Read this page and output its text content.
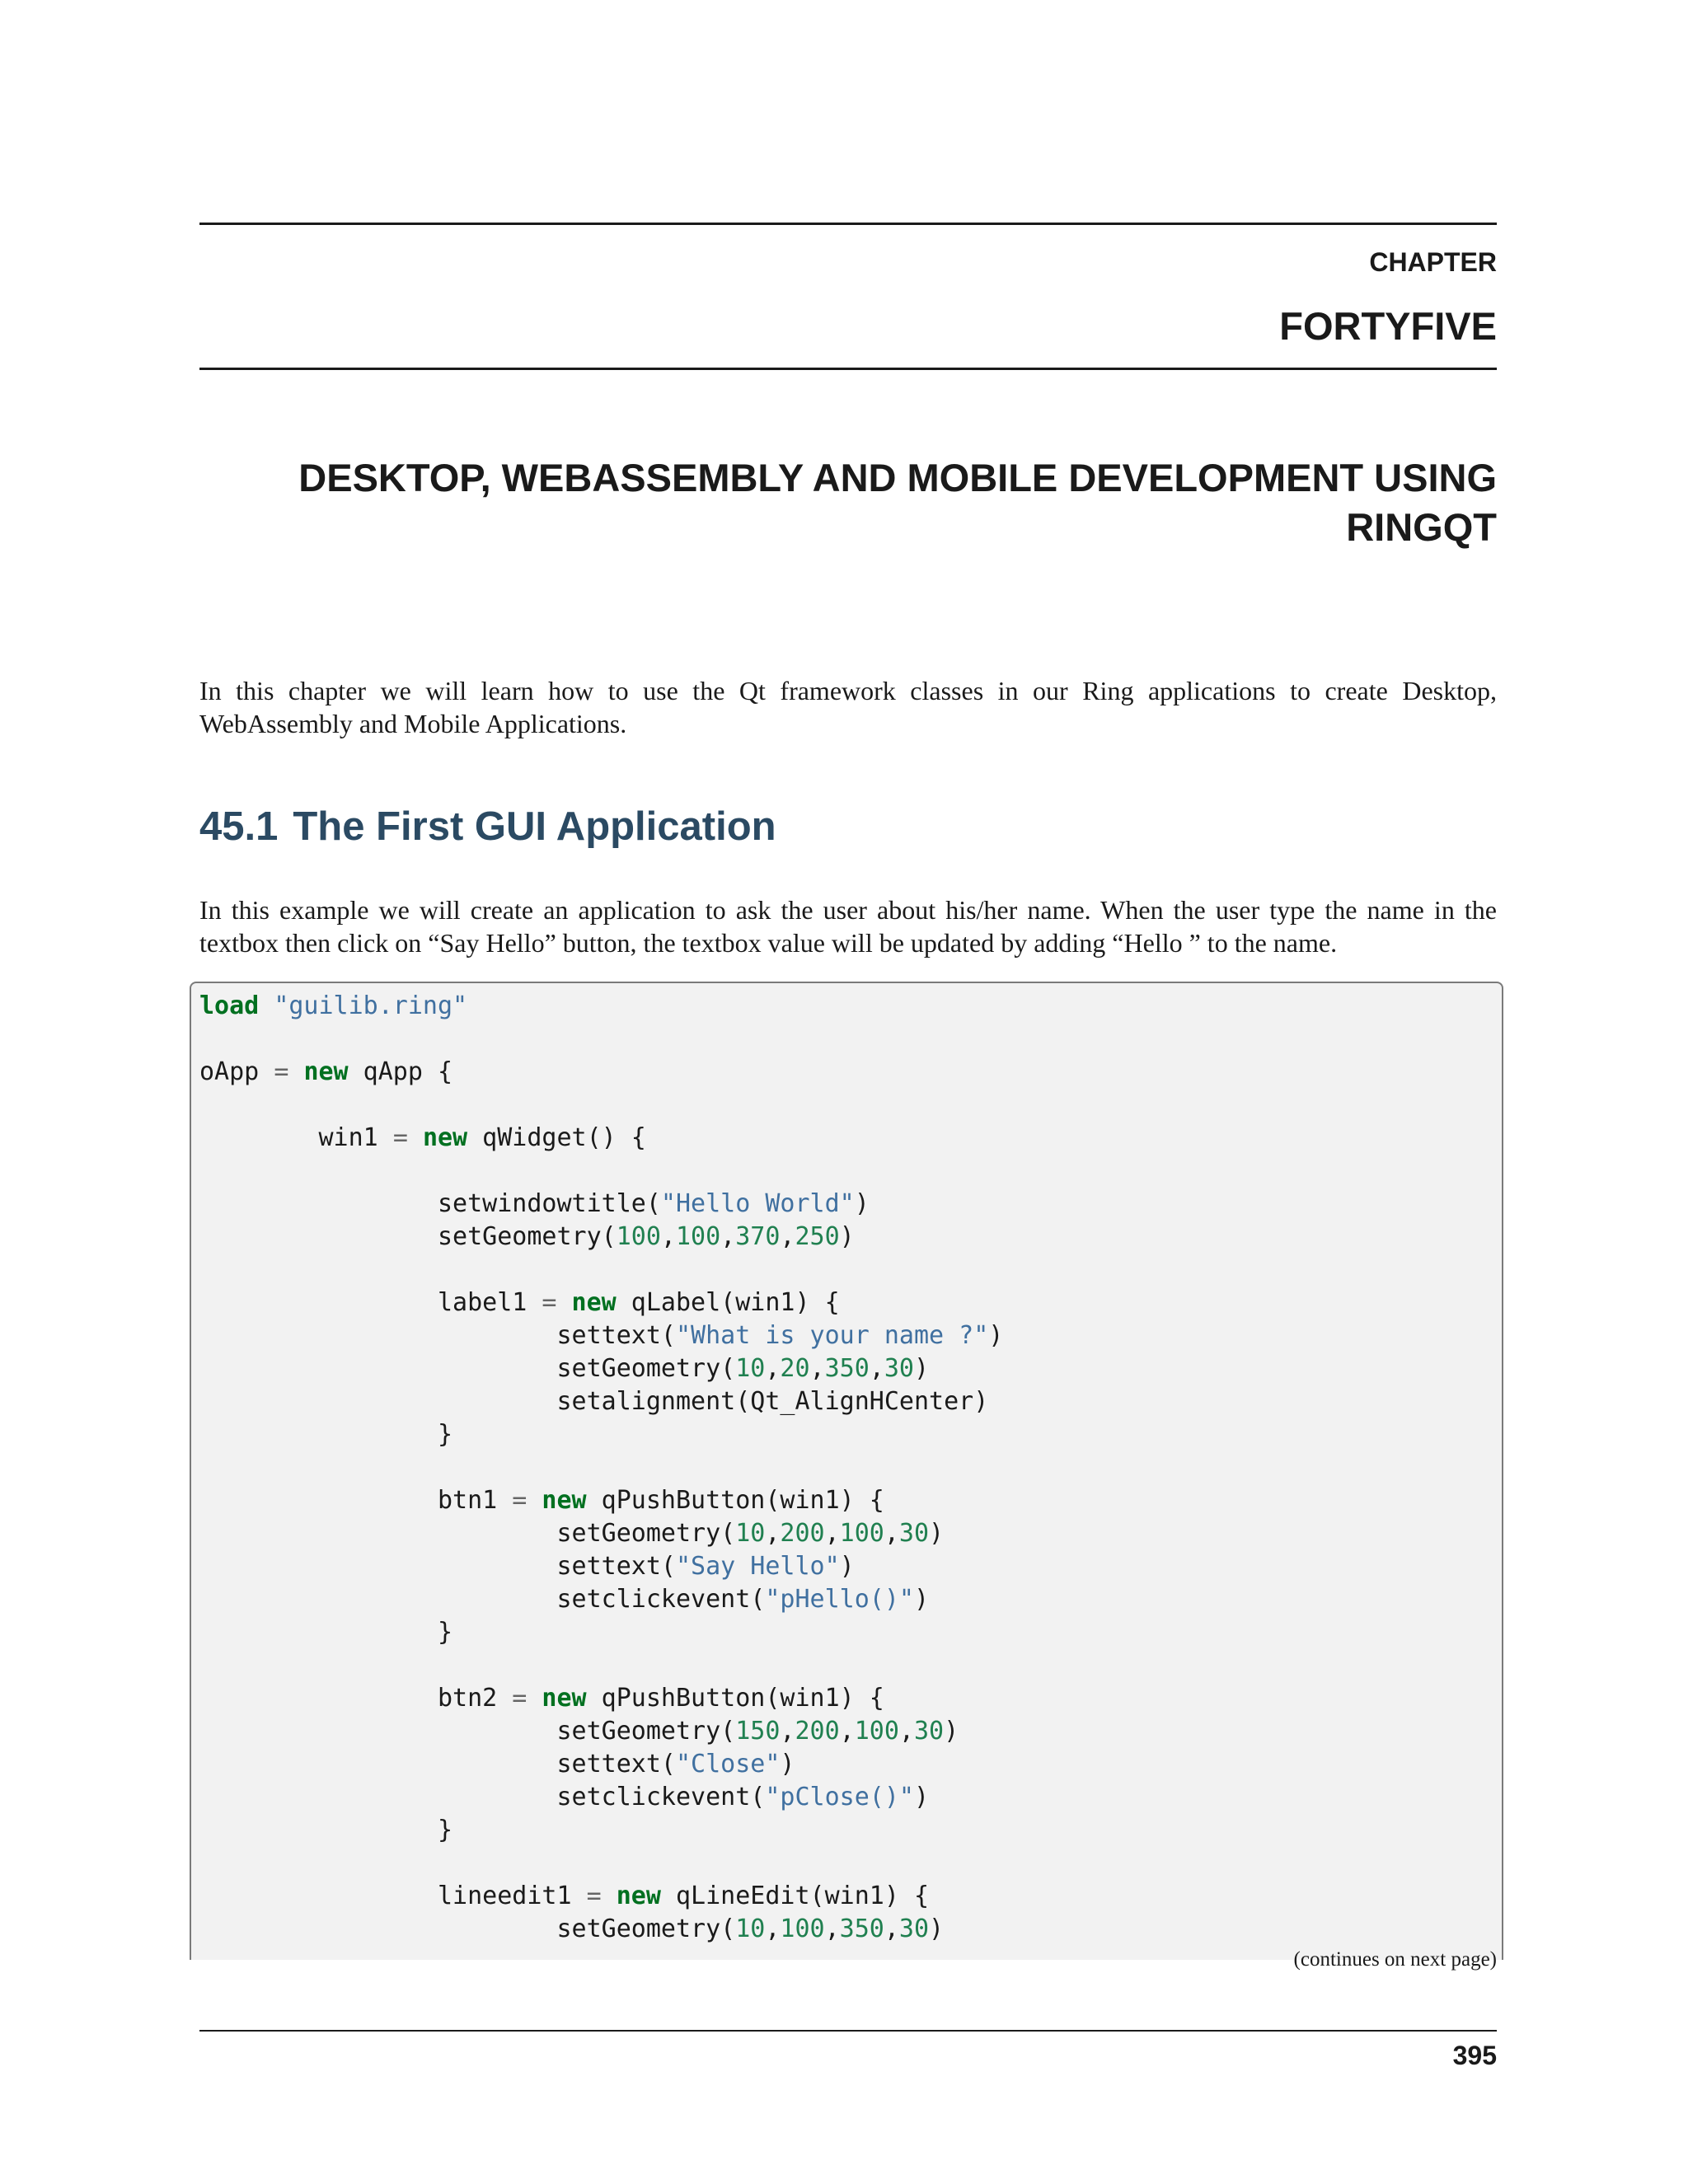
CHAPTER
FORTYFIVE
DESKTOP, WEBASSEMBLY AND MOBILE DEVELOPMENT USING RINGQT
In this chapter we will learn how to use the Qt framework classes in our Ring applications to create Desktop, WebAssembly and Mobile Applications.
45.1 The First GUI Application
In this example we will create an application to ask the user about his/her name. When the user type the name in the textbox then click on “Say Hello” button, the textbox value will be updated by adding “Hello ” to the name.
load "guilib.ring"

oApp = new qApp {

win1 = new qWidget() {

setwindowtitle("Hello World")
setGeometry(100,100,370,250)

label1 = new qLabel(win1) {
settext("What is your name ?")
setGeometry(10,20,350,30)
setalignment(Qt_AlignHCenter)
}

btn1 = new qPushButton(win1) {
setGeometry(10,200,100,30)
settext("Say Hello")
setclickevent("pHello()")
}

btn2 = new qPushButton(win1) {
setGeometry(150,200,100,30)
settext("Close")
setclickevent("pClose()")
}

lineedit1 = new qLineEdit(win1) {
setGeometry(10,100,350,30)
(continues on next page)
395
